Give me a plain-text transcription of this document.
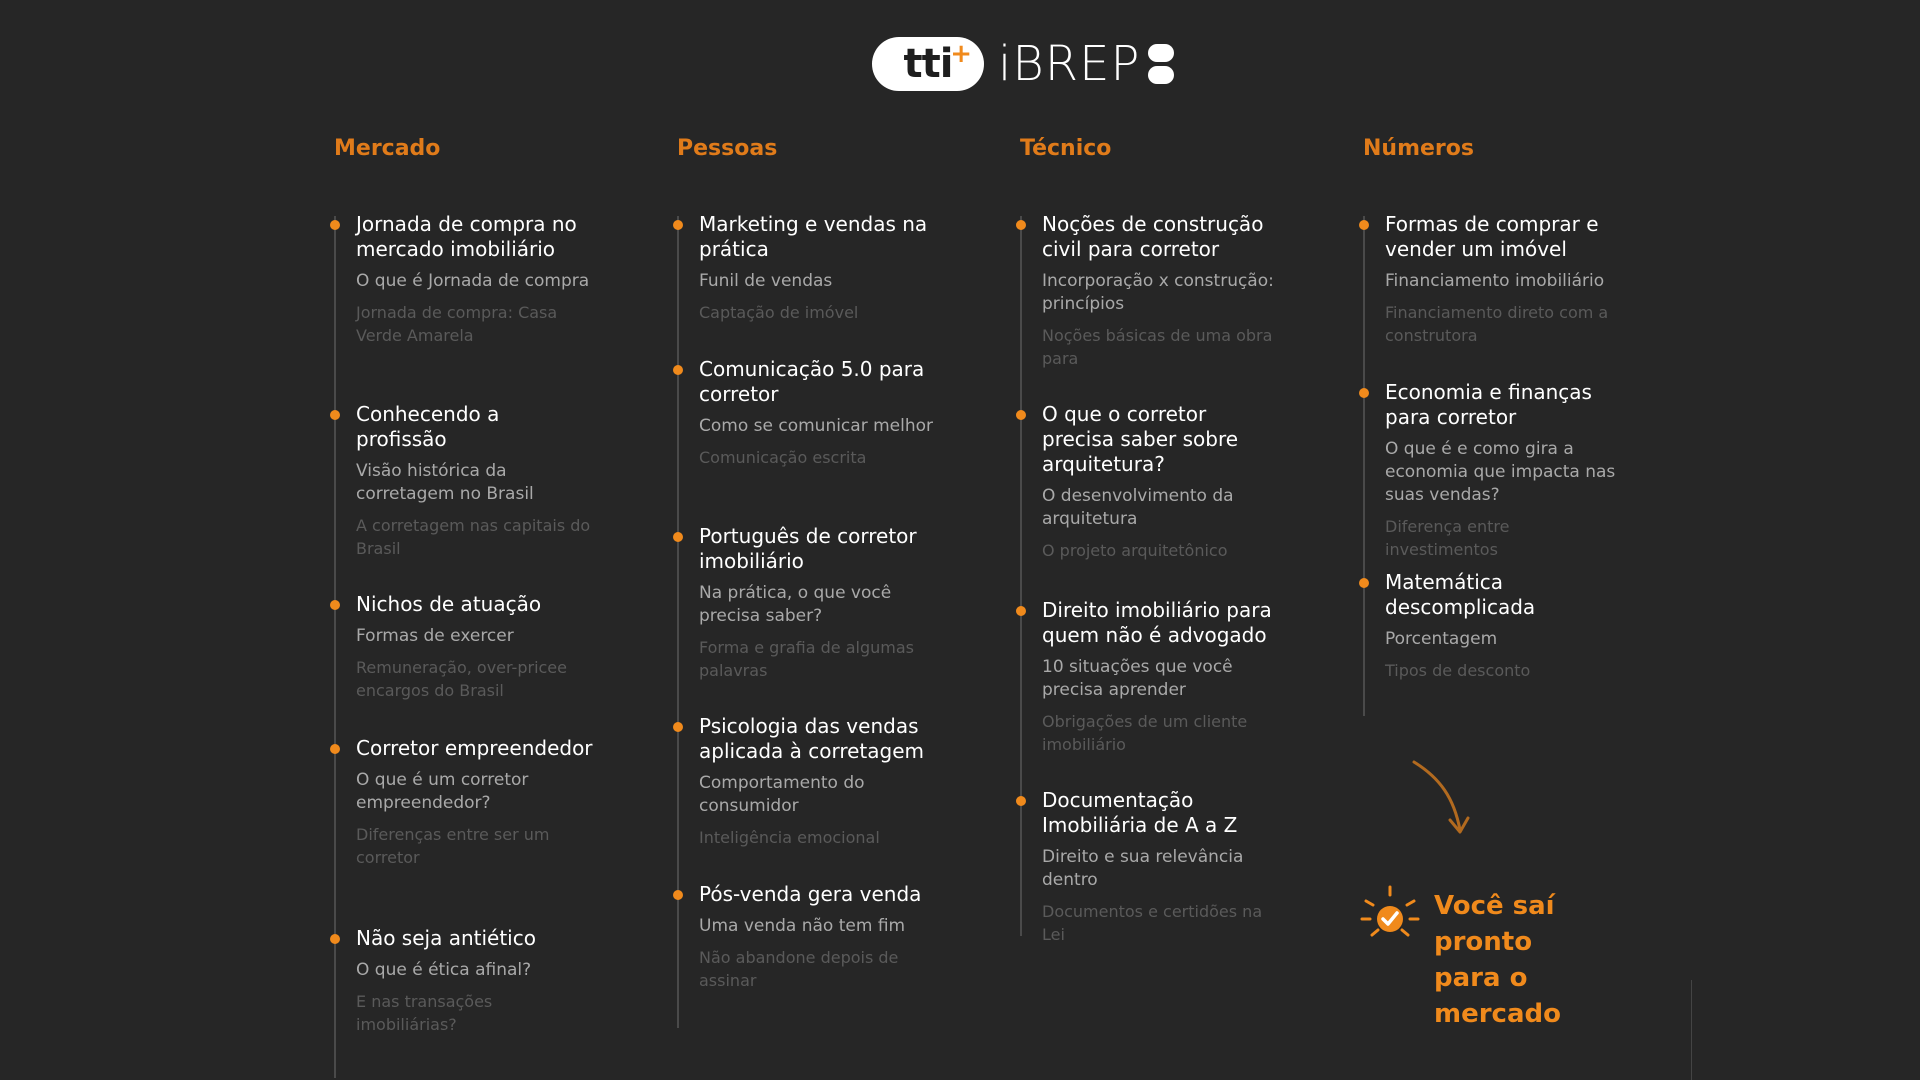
tti
+ iBREP
Mercado
Jornada de compra no mercado imobiliário
O que é Jornada de compra
Jornada de compra: Casa Verde Amarela
Conhecendo a profissão
Visão histórica da corretagem no Brasil
A corretagem nas capitais do Brasil
Nichos de atuação
Formas de exercer
Remuneração, over-pricee encargos do Brasil
Corretor empreendedor
O que é um corretor empreendedor?
Diferenças entre ser um corretor
Não seja antiético
O que é ética afinal?
E nas transações imobiliárias?
Pessoas
Marketing e vendas na prática
Funil de vendas
Captação de imóvel
Comunicação 5.0 para corretor
Como se comunicar melhor
Comunicação escrita
Português de corretor imobiliário
Na prática, o que você precisa saber?
Forma e grafia de algumas palavras
Psicologia das vendas aplicada à corretagem
Comportamento do consumidor
Inteligência emocional
Pós-venda gera venda
Uma venda não tem fim
Não abandone depois de assinar
Técnico
Noções de construção civil para corretor
Incorporação x construção: princípios
Noções básicas de uma obra para
O que o corretor precisa saber sobre arquitetura?
O desenvolvimento da arquitetura
O projeto arquitetônico
Direito imobiliário para quem não é advogado
10 situações que você precisa aprender
Obrigações de um cliente imobiliário
Documentação Imobiliária de A a Z
Direito e sua relevância dentro
Documentos e certidões na Lei
Números
Formas de comprar e vender um imóvel
Financiamento imobiliário
Financiamento direto com a construtora
Economia e finanças para corretor
O que é e como gira a economia que impacta nas suas vendas?
Diferença entre investimentos
Matemática descomplicada
Porcentagem
Tipos de desconto
Você saí
pronto
para o
mercado
